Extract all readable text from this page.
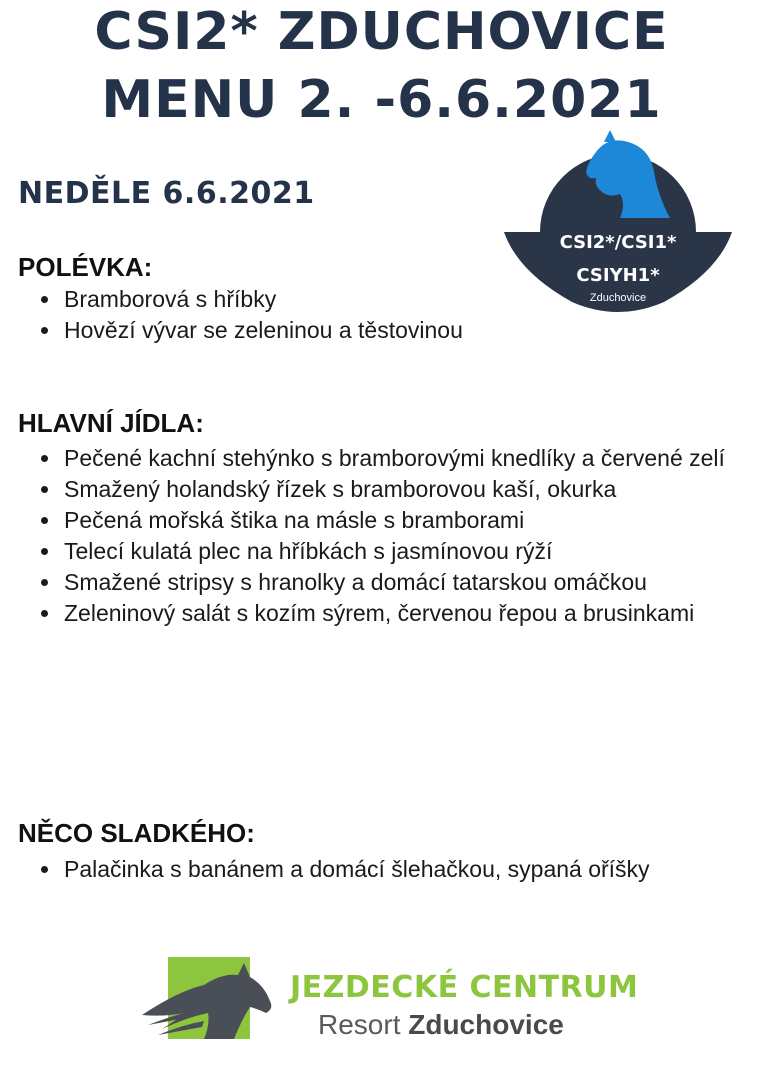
CSI2* ZDUCHOVICE
MENU 2. -6.6.2021
NEDĚLE 6.6.2021
CSI2*/CSI1*
CSIYH1*
Zduchovice
POLÉVKA:
• Bramborová s hříbky
• Hovězí vývar se zeleninou a těstovinou
HLAVNÍ JÍDLA:
• Pečené kachní stehýnko s bramborovými knedlíky a červené zelí
• Smažený holandský řízek s bramborovou kaší, okurka
• Pečená mořská štika na másle s bramborami
• Telecí kulatá plec na hříbkách s jasmínovou rýží
• Smažené stripsy s hranolky a domácí tatarskou omáčkou
• Zeleninový salát s kozím sýrem, červenou řepou a brusinkami
NĚCO SLADKÉHO:
• Palačinka s banánem a domácí šlehačkou, sypaná oříšky
JEZDECKÉ CENTRUM
Resort Zduchovice
